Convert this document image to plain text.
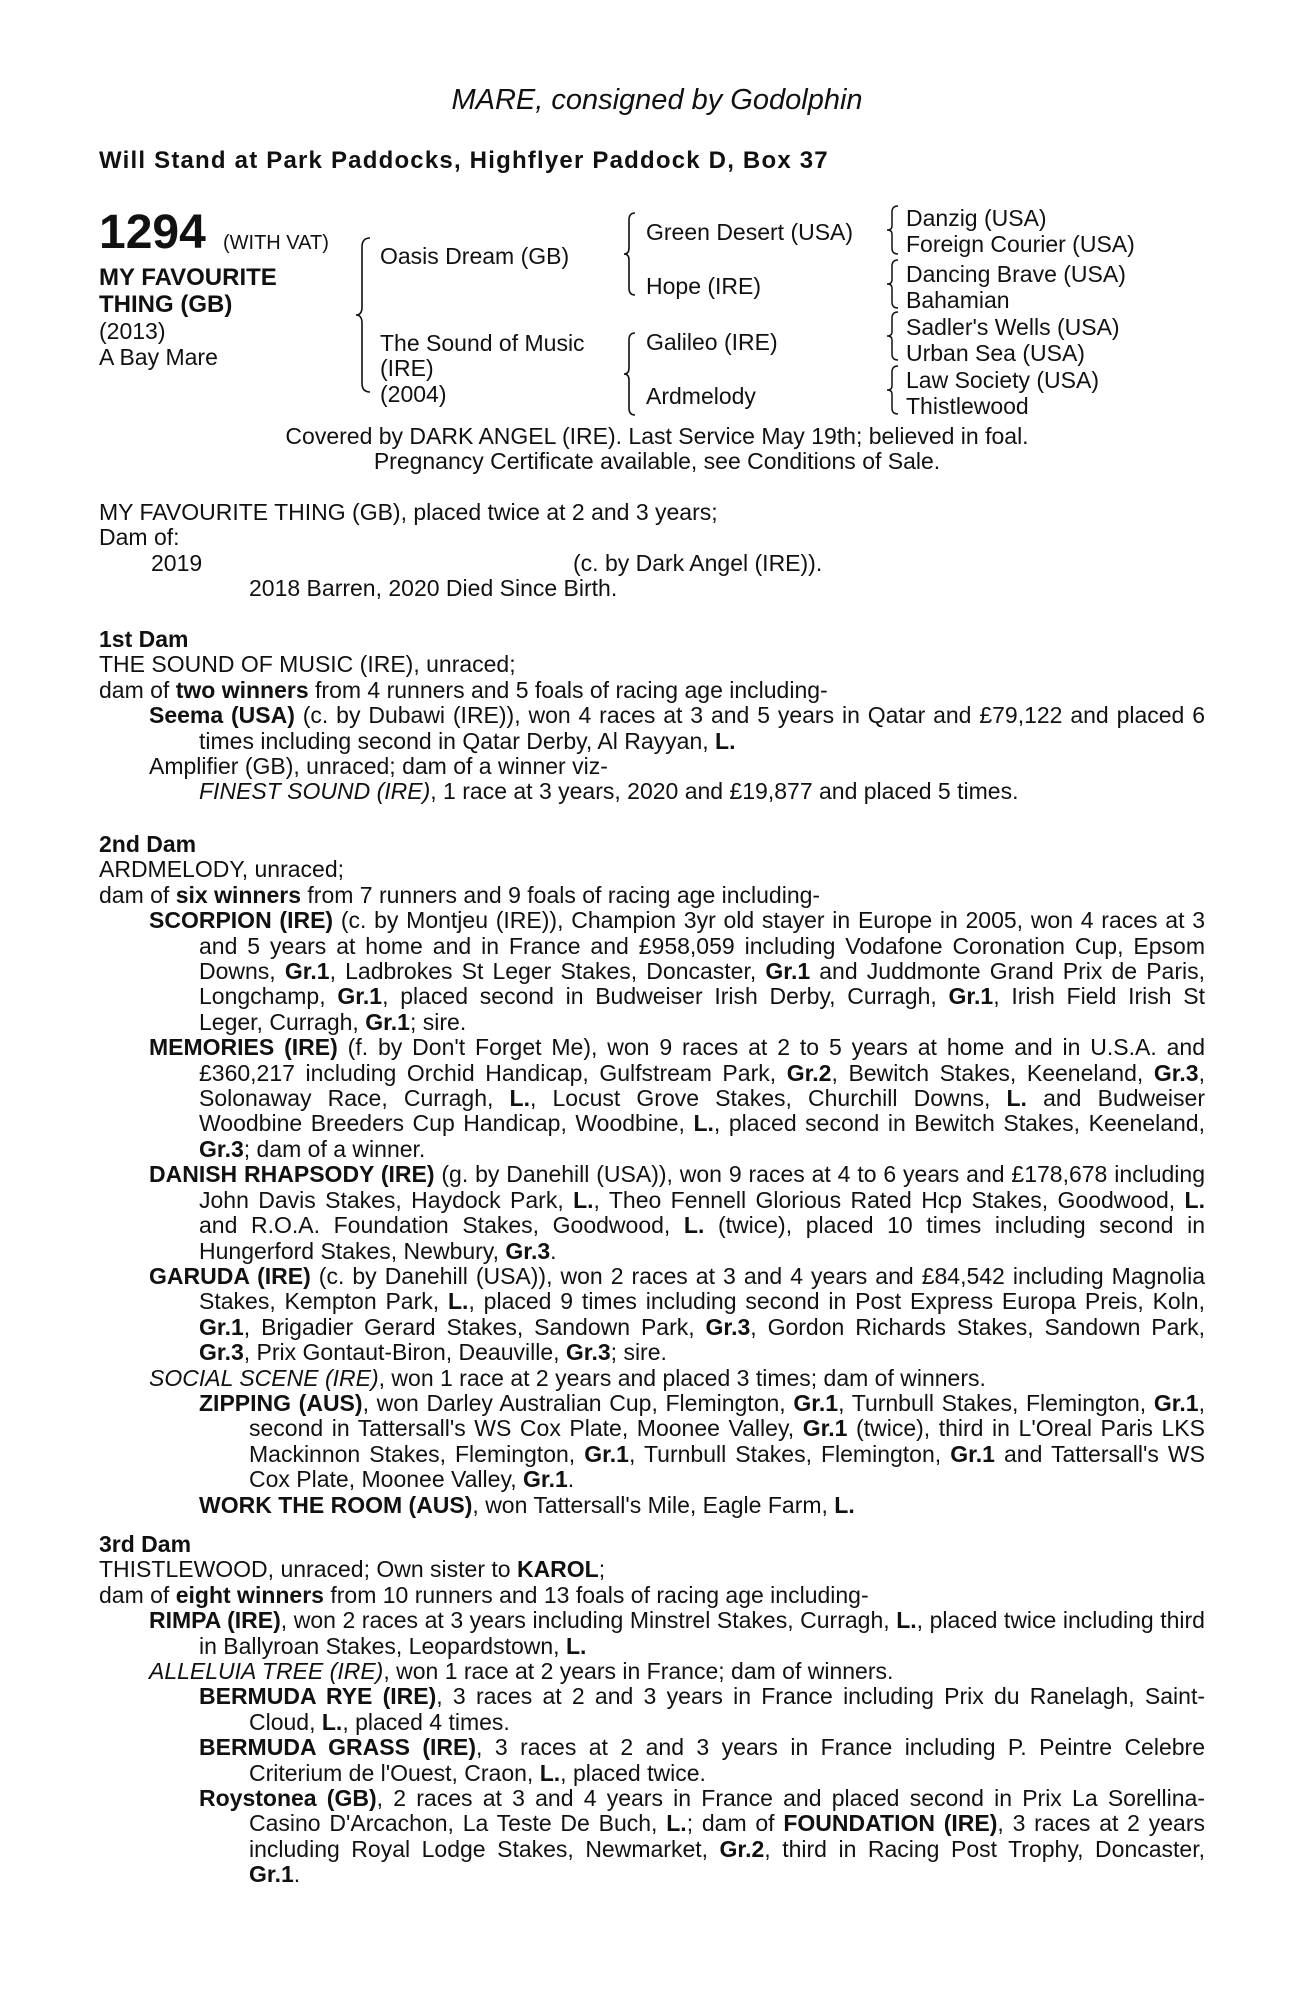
MARE, consigned by Godolphin
Will Stand at Park Paddocks, Highflyer Paddock D, Box 37
1294 (WITH VAT)
MY FAVOURITE
THING (GB)
(2013)
A Bay Mare
Oasis Dream (GB)
The Sound of Music
(IRE)
(2004)
Green Desert (USA)
Hope (IRE)
Galileo (IRE)
Ardmelody
Danzig (USA)
Foreign Courier (USA)
Dancing Brave (USA)
Bahamian
Sadler's Wells (USA)
Urban Sea (USA)
Law Society (USA)
Thistlewood
Covered by DARK ANGEL (IRE). Last Service May 19th; believed in foal.
Pregnancy Certificate available, see Conditions of Sale.
MY FAVOURITE THING (GB), placed twice at 2 and 3 years;
Dam of:
2019	(c. by Dark Angel (IRE)).
2018 Barren, 2020 Died Since Birth.
1st Dam
THE SOUND OF MUSIC (IRE), unraced;
dam of two winners from 4 runners and 5 foals of racing age including-

Seema (USA) (c. by Dubawi (IRE)), won 4 races at 3 and 5 years in Qatar and £79,122 and placed 6 times including second in Qatar Derby, Al Rayyan, L.

Amplifier (GB), unraced; dam of a winner viz-

FINEST SOUND (IRE), 1 race at 3 years, 2020 and £19,877 and placed 5 times.

2nd Dam
ARDMELODY, unraced;
dam of six winners from 7 runners and 9 foals of racing age including-

SCORPION (IRE) (c. by Montjeu (IRE)), Champion 3yr old stayer in Europe in 2005, won 4 races at 3 and 5 years at home and in France and £958,059 including Vodafone Coronation Cup, Epsom Downs, Gr.1, Ladbrokes St Leger Stakes, Doncaster, Gr.1 and Juddmonte Grand Prix de Paris, Longchamp, Gr.1, placed second in Budweiser Irish Derby, Curragh, Gr.1, Irish Field Irish St Leger, Curragh, Gr.1; sire.

MEMORIES (IRE) (f. by Don't Forget Me), won 9 races at 2 to 5 years at home and in U.S.A. and £360,217 including Orchid Handicap, Gulfstream Park, Gr.2, Bewitch Stakes, Keeneland, Gr.3, Solonaway Race, Curragh, L., Locust Grove Stakes, Churchill Downs, L. and Budweiser Woodbine Breeders Cup Handicap, Woodbine, L., placed second in Bewitch Stakes, Keeneland, Gr.3; dam of a winner.

DANISH RHAPSODY (IRE) (g. by Danehill (USA)), won 9 races at 4 to 6 years and £178,678 including John Davis Stakes, Haydock Park, L., Theo Fennell Glorious Rated Hcp Stakes, Goodwood, L. and R.O.A. Foundation Stakes, Goodwood, L. (twice), placed 10 times including second in Hungerford Stakes, Newbury, Gr.3.

GARUDA (IRE) (c. by Danehill (USA)), won 2 races at 3 and 4 years and £84,542 including Magnolia Stakes, Kempton Park, L., placed 9 times including second in Post Express Europa Preis, Koln, Gr.1, Brigadier Gerard Stakes, Sandown Park, Gr.3, Gordon Richards Stakes, Sandown Park, Gr.3, Prix Gontaut-Biron, Deauville, Gr.3; sire.

SOCIAL SCENE (IRE), won 1 race at 2 years and placed 3 times; dam of winners.

ZIPPING (AUS), won Darley Australian Cup, Flemington, Gr.1, Turnbull Stakes, Flemington, Gr.1, second in Tattersall's WS Cox Plate, Moonee Valley, Gr.1 (twice), third in L'Oreal Paris LKS Mackinnon Stakes, Flemington, Gr.1, Turnbull Stakes, Flemington, Gr.1 and Tattersall's WS Cox Plate, Moonee Valley, Gr.1.

WORK THE ROOM (AUS), won Tattersall's Mile, Eagle Farm, L.

3rd Dam
THISTLEWOOD, unraced; Own sister to KAROL;
dam of eight winners from 10 runners and 13 foals of racing age including-

RIMPA (IRE), won 2 races at 3 years including Minstrel Stakes, Curragh, L., placed twice including third in Ballyroan Stakes, Leopardstown, L.

ALLELUIA TREE (IRE), won 1 race at 2 years in France; dam of winners.

BERMUDA RYE (IRE), 3 races at 2 and 3 years in France including Prix du Ranelagh, Saint-Cloud, L., placed 4 times.

BERMUDA GRASS (IRE), 3 races at 2 and 3 years in France including P. Peintre Celebre Criterium de l'Ouest, Craon, L., placed twice.

Roystonea (GB), 2 races at 3 and 4 years in France and placed second in Prix La Sorellina-Casino D'Arcachon, La Teste De Buch, L.; dam of FOUNDATION (IRE), 3 races at 2 years including Royal Lodge Stakes, Newmarket, Gr.2, third in Racing Post Trophy, Doncaster, Gr.1.
